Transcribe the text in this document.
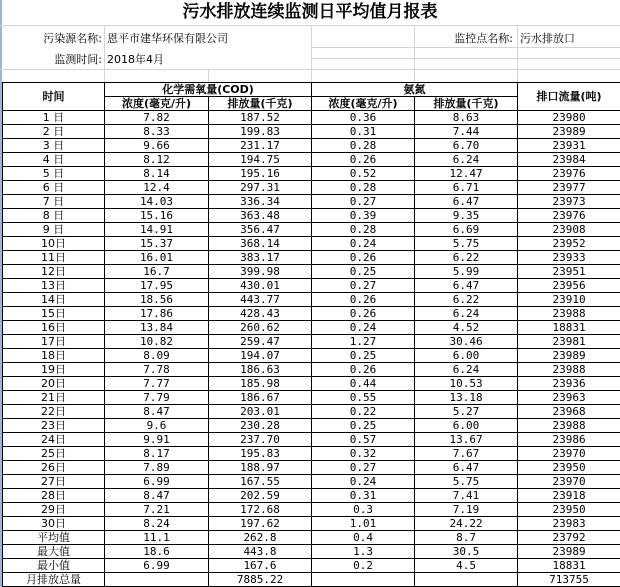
污水排放连续监测日平均值月报表
污染源名称: 恩平市建华环保有限公司	监控点名称: 污水排放口
监测时间: 2018年4月
时间	化学需氧量(COD)		氨氮		排口流量(吨)
	浓度(毫克/升)	排放量(千克)	浓度(毫克/升)	排放量(千克)	
1 日	7.82	187.52	0.36	8.63	23980
2 日	8.33	199.83	0.31	7.44	23989
3 日	9.66	231.17	0.28	6.70	23931
4 日	8.12	194.75	0.26	6.24	23984
5 日	8.14	195.16	0.52	12.47	23976
6 日	12.4	297.31	0.28	6.71	23977
7 日	14.03	336.34	0.27	6.47	23973
8 日	15.16	363.48	0.39	9.35	23976
9 日	14.91	356.47	0.28	6.69	23908
10日	15.37	368.14	0.24	5.75	23952
11日	16.01	383.17	0.26	6.22	23933
12日	16.7	399.98	0.25	5.99	23951
13日	17.95	430.01	0.27	6.47	23956
14日	18.56	443.77	0.26	6.22	23910
15日	17.86	428.43	0.26	6.24	23988
16日	13.84	260.62	0.24	4.52	18831
17日	10.82	259.47	1.27	30.46	23981
18日	8.09	194.07	0.25	6.00	23989
19日	7.78	186.63	0.26	6.24	23988
20日	7.77	185.98	0.44	10.53	23936
21日	7.79	186.67	0.55	13.18	23963
22日	8.47	203.01	0.22	5.27	23968
23日	9.6	230.28	0.25	6.00	23988
24日	9.91	237.70	0.57	13.67	23986
25日	8.17	195.83	0.32	7.67	23970
26日	7.89	188.97	0.27	6.47	23950
27日	6.99	167.55	0.24	5.75	23970
28日	8.47	202.59	0.31	7.41	23918
29日	7.21	172.68	0.3	7.19	23950
30日	8.24	197.62	1.01	24.22	23983
平均值	11.1	262.8	0.4	8.7	23792
最大值	18.6	443.8	1.3	30.5	23989
最小值	6.99	167.6	0.2	4.5	18831
月排放总量		7885.22			713755
